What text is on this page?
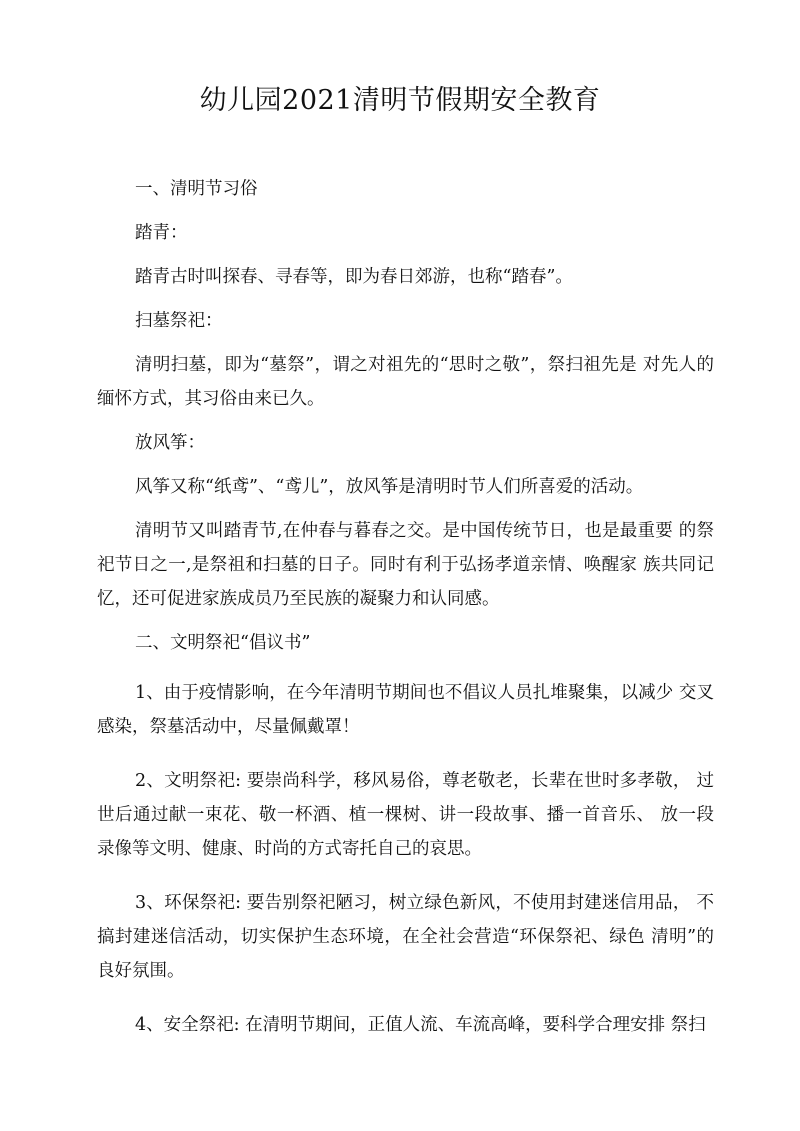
幼儿园2021清明节假期安全教育

一、清明节习俗

踏青：

踏青古时叫探春、寻春等，即为春日郊游，也称“踏春”。

扫墓祭祀：

清明扫墓，即为“墓祭”，谓之对祖先的“思时之敬”，祭扫祖先是 对先人的缅怀方式，其习俗由来已久。

放风筝：

风筝又称“纸鸢”、“鸢儿”，放风筝是清明时节人们所喜爱的活动。

清明节又叫踏青节,在仲春与暮春之交。是中国传统节日，也是最重要 的祭祀节日之一,是祭祖和扫墓的日子。同时有利于弘扬孝道亲情、唤醒家 族共同记忆，还可促进家族成员乃至民族的凝聚力和认同感。

二、文明祭祀“倡议书”

1、由于疫情影响，在今年清明节期间也不倡议人员扎堆聚集，以减少 交叉感染，祭墓活动中，尽量佩戴罩！

2、文明祭祀: 要崇尚科学，移风易俗，尊老敬老，长辈在世时多孝敬， 过世后通过献一束花、敬一杯酒、植一棵树、讲一段故事、播一首音乐、 放一段录像等文明、健康、时尚的方式寄托自己的哀思。

3、环保祭祀: 要告别祭祀陋习，树立绿色新风，不使用封建迷信用品， 不搞封建迷信活动，切实保护生态环境，在全社会营造“环保祭祀、绿色 清明”的良好氛围。

4、安全祭祀: 在清明节期间，正值人流、车流高峰，要科学合理安排 祭扫
